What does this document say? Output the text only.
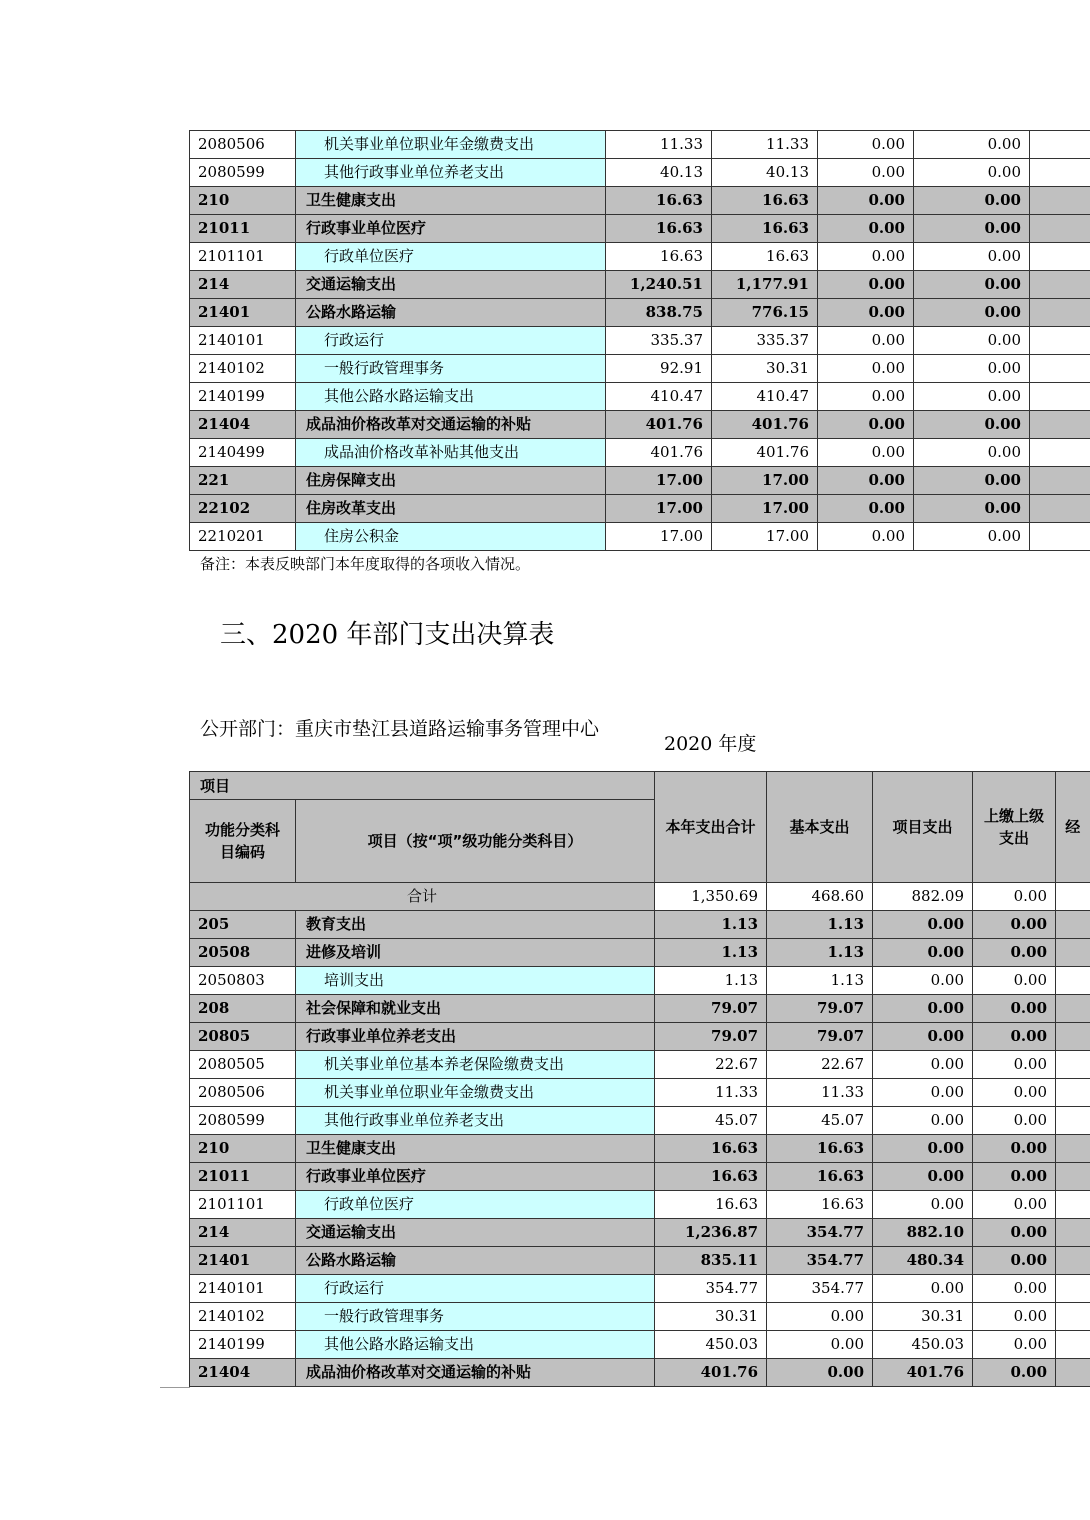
2080506	机关事业单位职业年金缴费支出	11.33	11.33	0.00	0.00	
2080599	其他行政事业单位养老支出	40.13	40.13	0.00	0.00	
210	卫生健康支出	16.63	16.63	0.00	0.00	
21011	行政事业单位医疗	16.63	16.63	0.00	0.00	
2101101	行政单位医疗	16.63	16.63	0.00	0.00	
214	交通运输支出	1,240.51	1,177.91	0.00	0.00	
21401	公路水路运输	838.75	776.15	0.00	0.00	
2140101	行政运行	335.37	335.37	0.00	0.00	
2140102	一般行政管理事务	92.91	30.31	0.00	0.00	
2140199	其他公路水路运输支出	410.47	410.47	0.00	0.00	
21404	成品油价格改革对交通运输的补贴	401.76	401.76	0.00	0.00	
2140499	成品油价格改革补贴其他支出	401.76	401.76	0.00	0.00	
221	住房保障支出	17.00	17.00	0.00	0.00	
22102	住房改革支出	17.00	17.00	0.00	0.00	
2210201	住房公积金	17.00	17.00	0.00	0.00	
备注：本表反映部门本年度取得的各项收入情况。
三、2020 年部门支出决算表
公开部门：重庆市垫江县道路运输事务管理中心
2020 年度
项目		本年支出合计	基本支出	项目支出	上缴上级支出	经
功能分类科目编码	项目（按“项”级功能分类科目）					
合计		1,350.69	468.60	882.09	0.00	
205	教育支出	1.13	1.13	0.00	0.00	
20508	进修及培训	1.13	1.13	0.00	0.00	
2050803	培训支出	1.13	1.13	0.00	0.00	
208	社会保障和就业支出	79.07	79.07	0.00	0.00	
20805	行政事业单位养老支出	79.07	79.07	0.00	0.00	
2080505	机关事业单位基本养老保险缴费支出	22.67	22.67	0.00	0.00	
2080506	机关事业单位职业年金缴费支出	11.33	11.33	0.00	0.00	
2080599	其他行政事业单位养老支出	45.07	45.07	0.00	0.00	
210	卫生健康支出	16.63	16.63	0.00	0.00	
21011	行政事业单位医疗	16.63	16.63	0.00	0.00	
2101101	行政单位医疗	16.63	16.63	0.00	0.00	
214	交通运输支出	1,236.87	354.77	882.10	0.00	
21401	公路水路运输	835.11	354.77	480.34	0.00	
2140101	行政运行	354.77	354.77	0.00	0.00	
2140102	一般行政管理事务	30.31	0.00	30.31	0.00	
2140199	其他公路水路运输支出	450.03	0.00	450.03	0.00	
21404	成品油价格改革对交通运输的补贴	401.76	0.00	401.76	0.00	
